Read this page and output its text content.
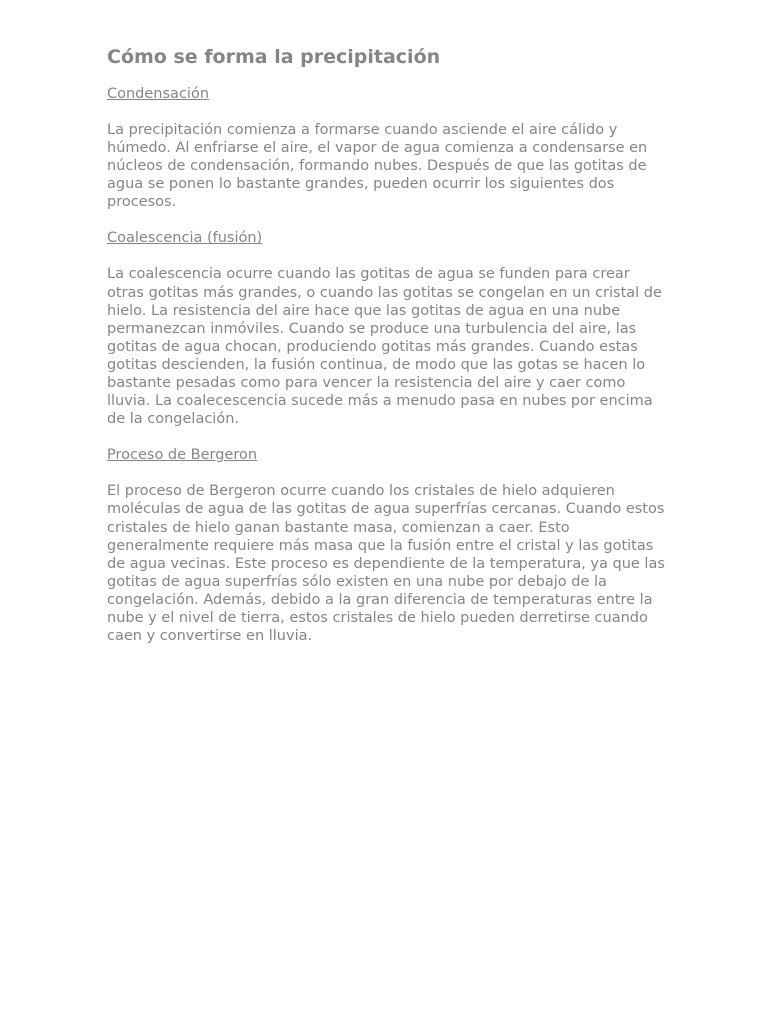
Cómo se forma la precipitación

Condensación

La precipitación comienza a formarse cuando asciende el aire cálido y húmedo. Al enfriarse el aire, el vapor de agua comienza a condensarse en núcleos de condensación, formando nubes. Después de que las gotitas de agua se ponen lo bastante grandes, pueden ocurrir los siguientes dos procesos.

Coalescencia (fusión)

La coalescencia ocurre cuando las gotitas de agua se funden para crear otras gotitas más grandes, o cuando las gotitas se congelan en un cristal de hielo. La resistencia del aire hace que las gotitas de agua en una nube permanezcan inmóviles. Cuando se produce una turbulencia del aire, las gotitas de agua chocan, produciendo gotitas más grandes. Cuando estas gotitas descienden, la fusión continua, de modo que las gotas se hacen lo bastante pesadas como para vencer la resistencia del aire y caer como lluvia. La coalecescencia sucede más a menudo pasa en nubes por encima de la congelación.

Proceso de Bergeron

El proceso de Bergeron ocurre cuando los cristales de hielo adquieren moléculas de agua de las gotitas de agua superfrías cercanas. Cuando estos cristales de hielo ganan bastante masa, comienzan a caer. Esto generalmente requiere más masa que la fusión entre el cristal y las gotitas de agua vecinas. Este proceso es dependiente de la temperatura, ya que las gotitas de agua superfrías sólo existen en una nube por debajo de la congelación. Además, debido a la gran diferencia de temperaturas entre la nube y el nivel de tierra, estos cristales de hielo pueden derretirse cuando caen y convertirse en lluvia.
